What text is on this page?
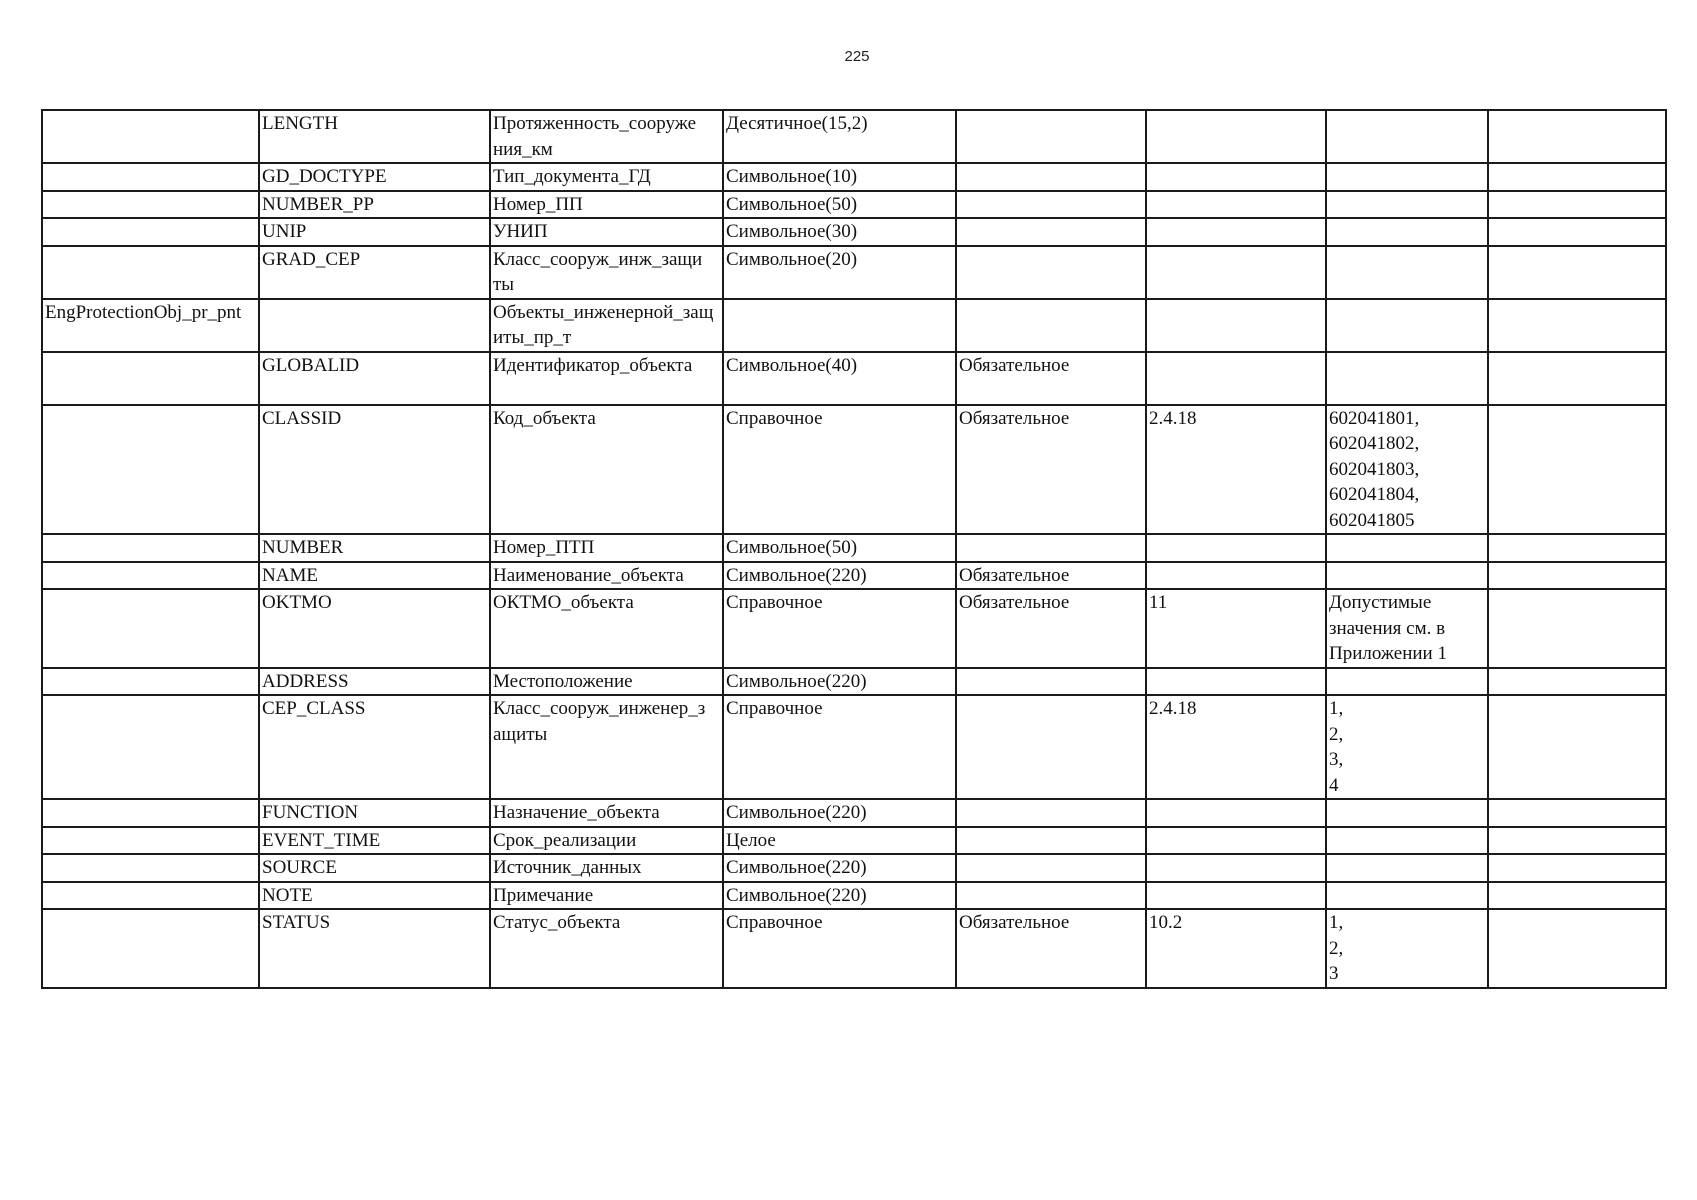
225
	LENGTH	Протяженность_сооруже
ния_км	Десятичное(15,2)				
	GD_DOCTYPE	Тип_документа_ГД	Символьное(10)				
	NUMBER_PP	Номер_ПП	Символьное(50)				
	UNIP	УНИП	Символьное(30)				
	GRAD_CEP	Класс_сооруж_инж_защи
ты	Символьное(20)				
EngProtectionObj_pr_pnt		Объекты_инженерной_защиты_пр_т					
	GLOBALID	Идентификатор_объекта	Символьное(40)	Обязательное			
	CLASSID	Код_объекта	Справочное	Обязательное	2.4.18	602041801,
602041802,
602041803,
602041804,
602041805	
	NUMBER	Номер_ПТП	Символьное(50)				
	NAME	Наименование_объекта	Символьное(220)	Обязательное			
	OKTMO	ОКТМО_объекта	Справочное	Обязательное	11	Допустимые
значения см. в
Приложении 1	
	ADDRESS	Местоположение	Символьное(220)				
	CEP_CLASS	Класс_сооруж_инженер_з
ащиты	Справочное		2.4.18	1,
2,
3,
4	
	FUNCTION	Назначение_объекта	Символьное(220)				
	EVENT_TIME	Срок_реализации	Целое				
	SOURCE	Источник_данных	Символьное(220)				
	NOTE	Примечание	Символьное(220)				
	STATUS	Статус_объекта	Справочное	Обязательное	10.2	1,
2,
3	
